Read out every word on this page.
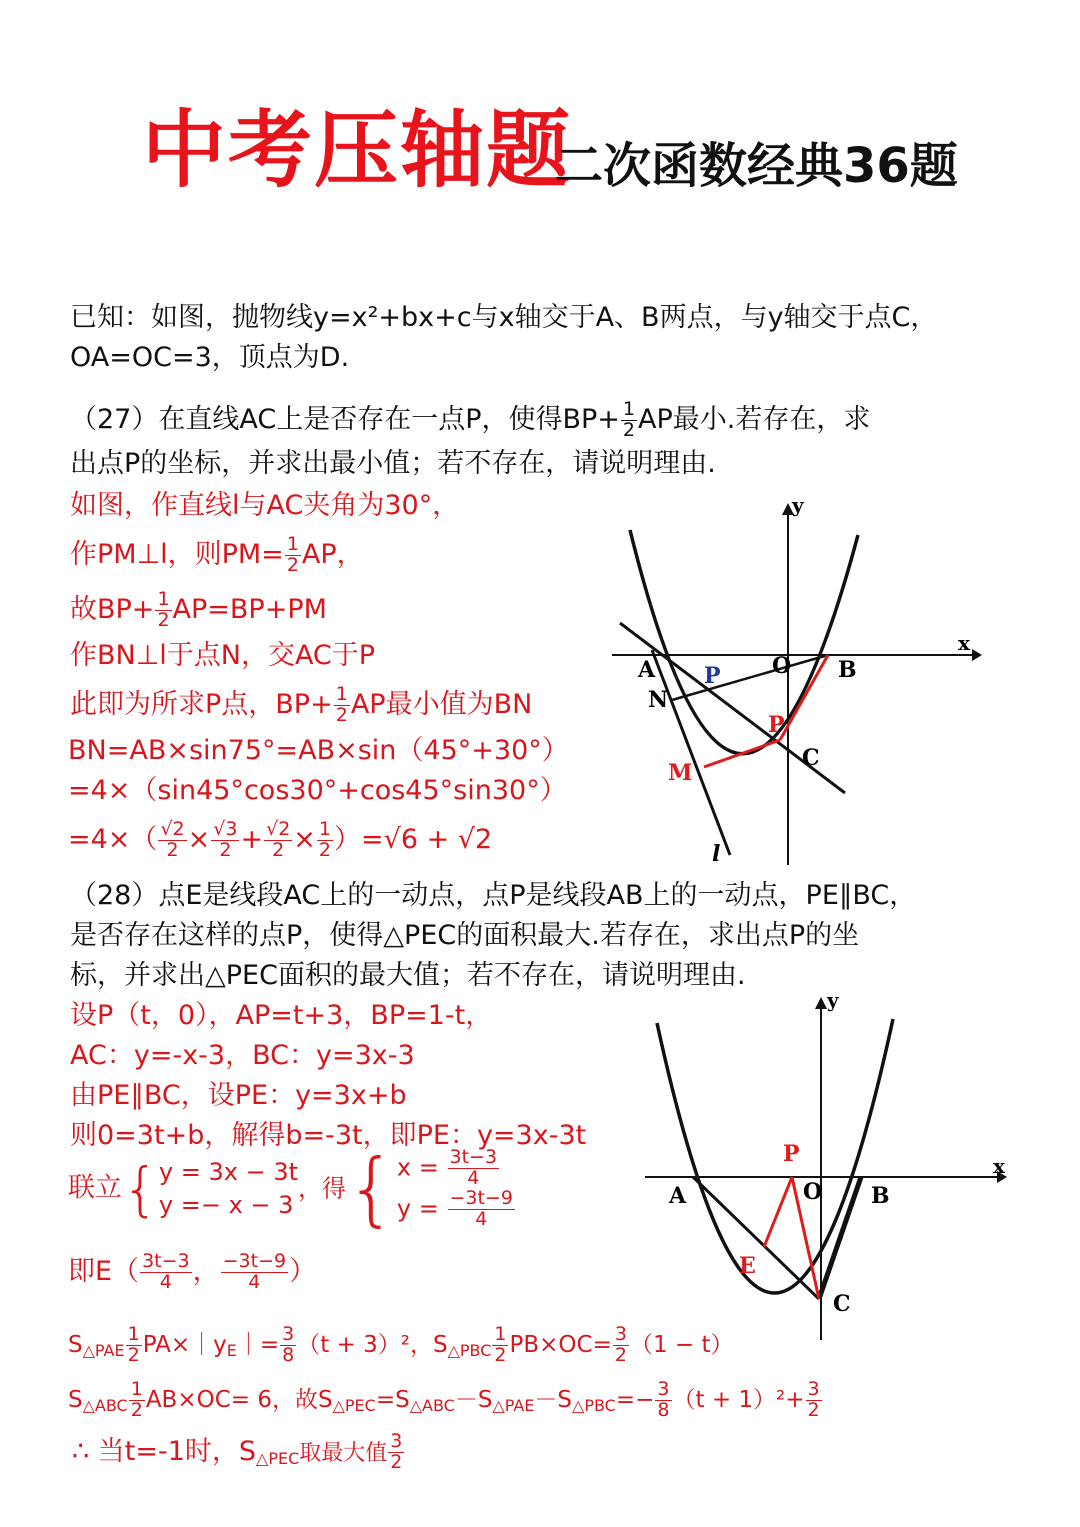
中考压轴题
二次函数经典36题
已知：如图，抛物线y=x²+bx+c与x轴交于A、B两点，与y轴交于点C，
OA=OC=3，顶点为D.
（27）在直线AC上是否存在一点P，使得$BP+ \frac{1}{2}$ AP最小.若存在，求
出点P的坐标，并求出最小值；若不存在，请说明理由.
如图，作直线l与AC夹角为30°，
作PM⊥l，则$PM= \frac{1}{2}$ AP，
故$BP+ \frac{1}{2} AP=BP+PM$
作BN⊥l于点N，交AC于P
此即为所求P点，$BP+ \frac{1}{2}$ AP最小值为BN
BN=AB×sin75°=AB×sin（45°+30°）
=4×（sin45°cos30°+cos45°sin30°）
$=4\times( \frac{√2}{2} \times \frac{√3}{2} + \frac{√2}{2} \times \frac{1}{2} )=√6 + √2$
y
x
A	O B
P
N
P
C
M
l
（28）点E是线段AC上的一动点，点P是线段AB上的一动点，PE∥BC，
是否存在这样的点P，使得△PEC的面积最大.若存在，求出点P的坐
标，并求出△PEC面积的最大值；若不存在，请说明理由.
设P（t，0），AP=t+3，BP=1-t，
AC：y=-x-3，BC：y=3x-3
由PE∥BC，设PE：y=3x+b
则0=3t+b，解得b=-3t，即PE：y=3x-3t
联立{ y = 3x − 3t
y =− x − 3
，得{ $x = \frac{3t-3}{4}$
$y = \frac{-3t-9}{4}$
即$E( \frac{3t-3}{4}$ ， $\frac{-3t-9}{4}$ ）
$S_{\triangle PAE} \frac{1}{2}$ $PA\times|y_E|= \frac{3}{8} (t + 3)^2$，$S_{\triangle PBC} \frac{1}{2} PB\times OC= \frac{3}{2} (1 - t)$
$S_{\triangle ABC} \frac{1}{2} AB\times OC= 6$，故$S_{\triangle PEC}=S_{\triangle ABC}-S_{\triangle PAE}-S_{\triangle PBC}=- \frac{3}{8} (t + 1)^2+ \frac{3}{2}$
∴ 当t=-1时，$S_{\triangle PEC}$取最大值 $\frac{3}{2}$
y
x
A	O B
P
E
C
